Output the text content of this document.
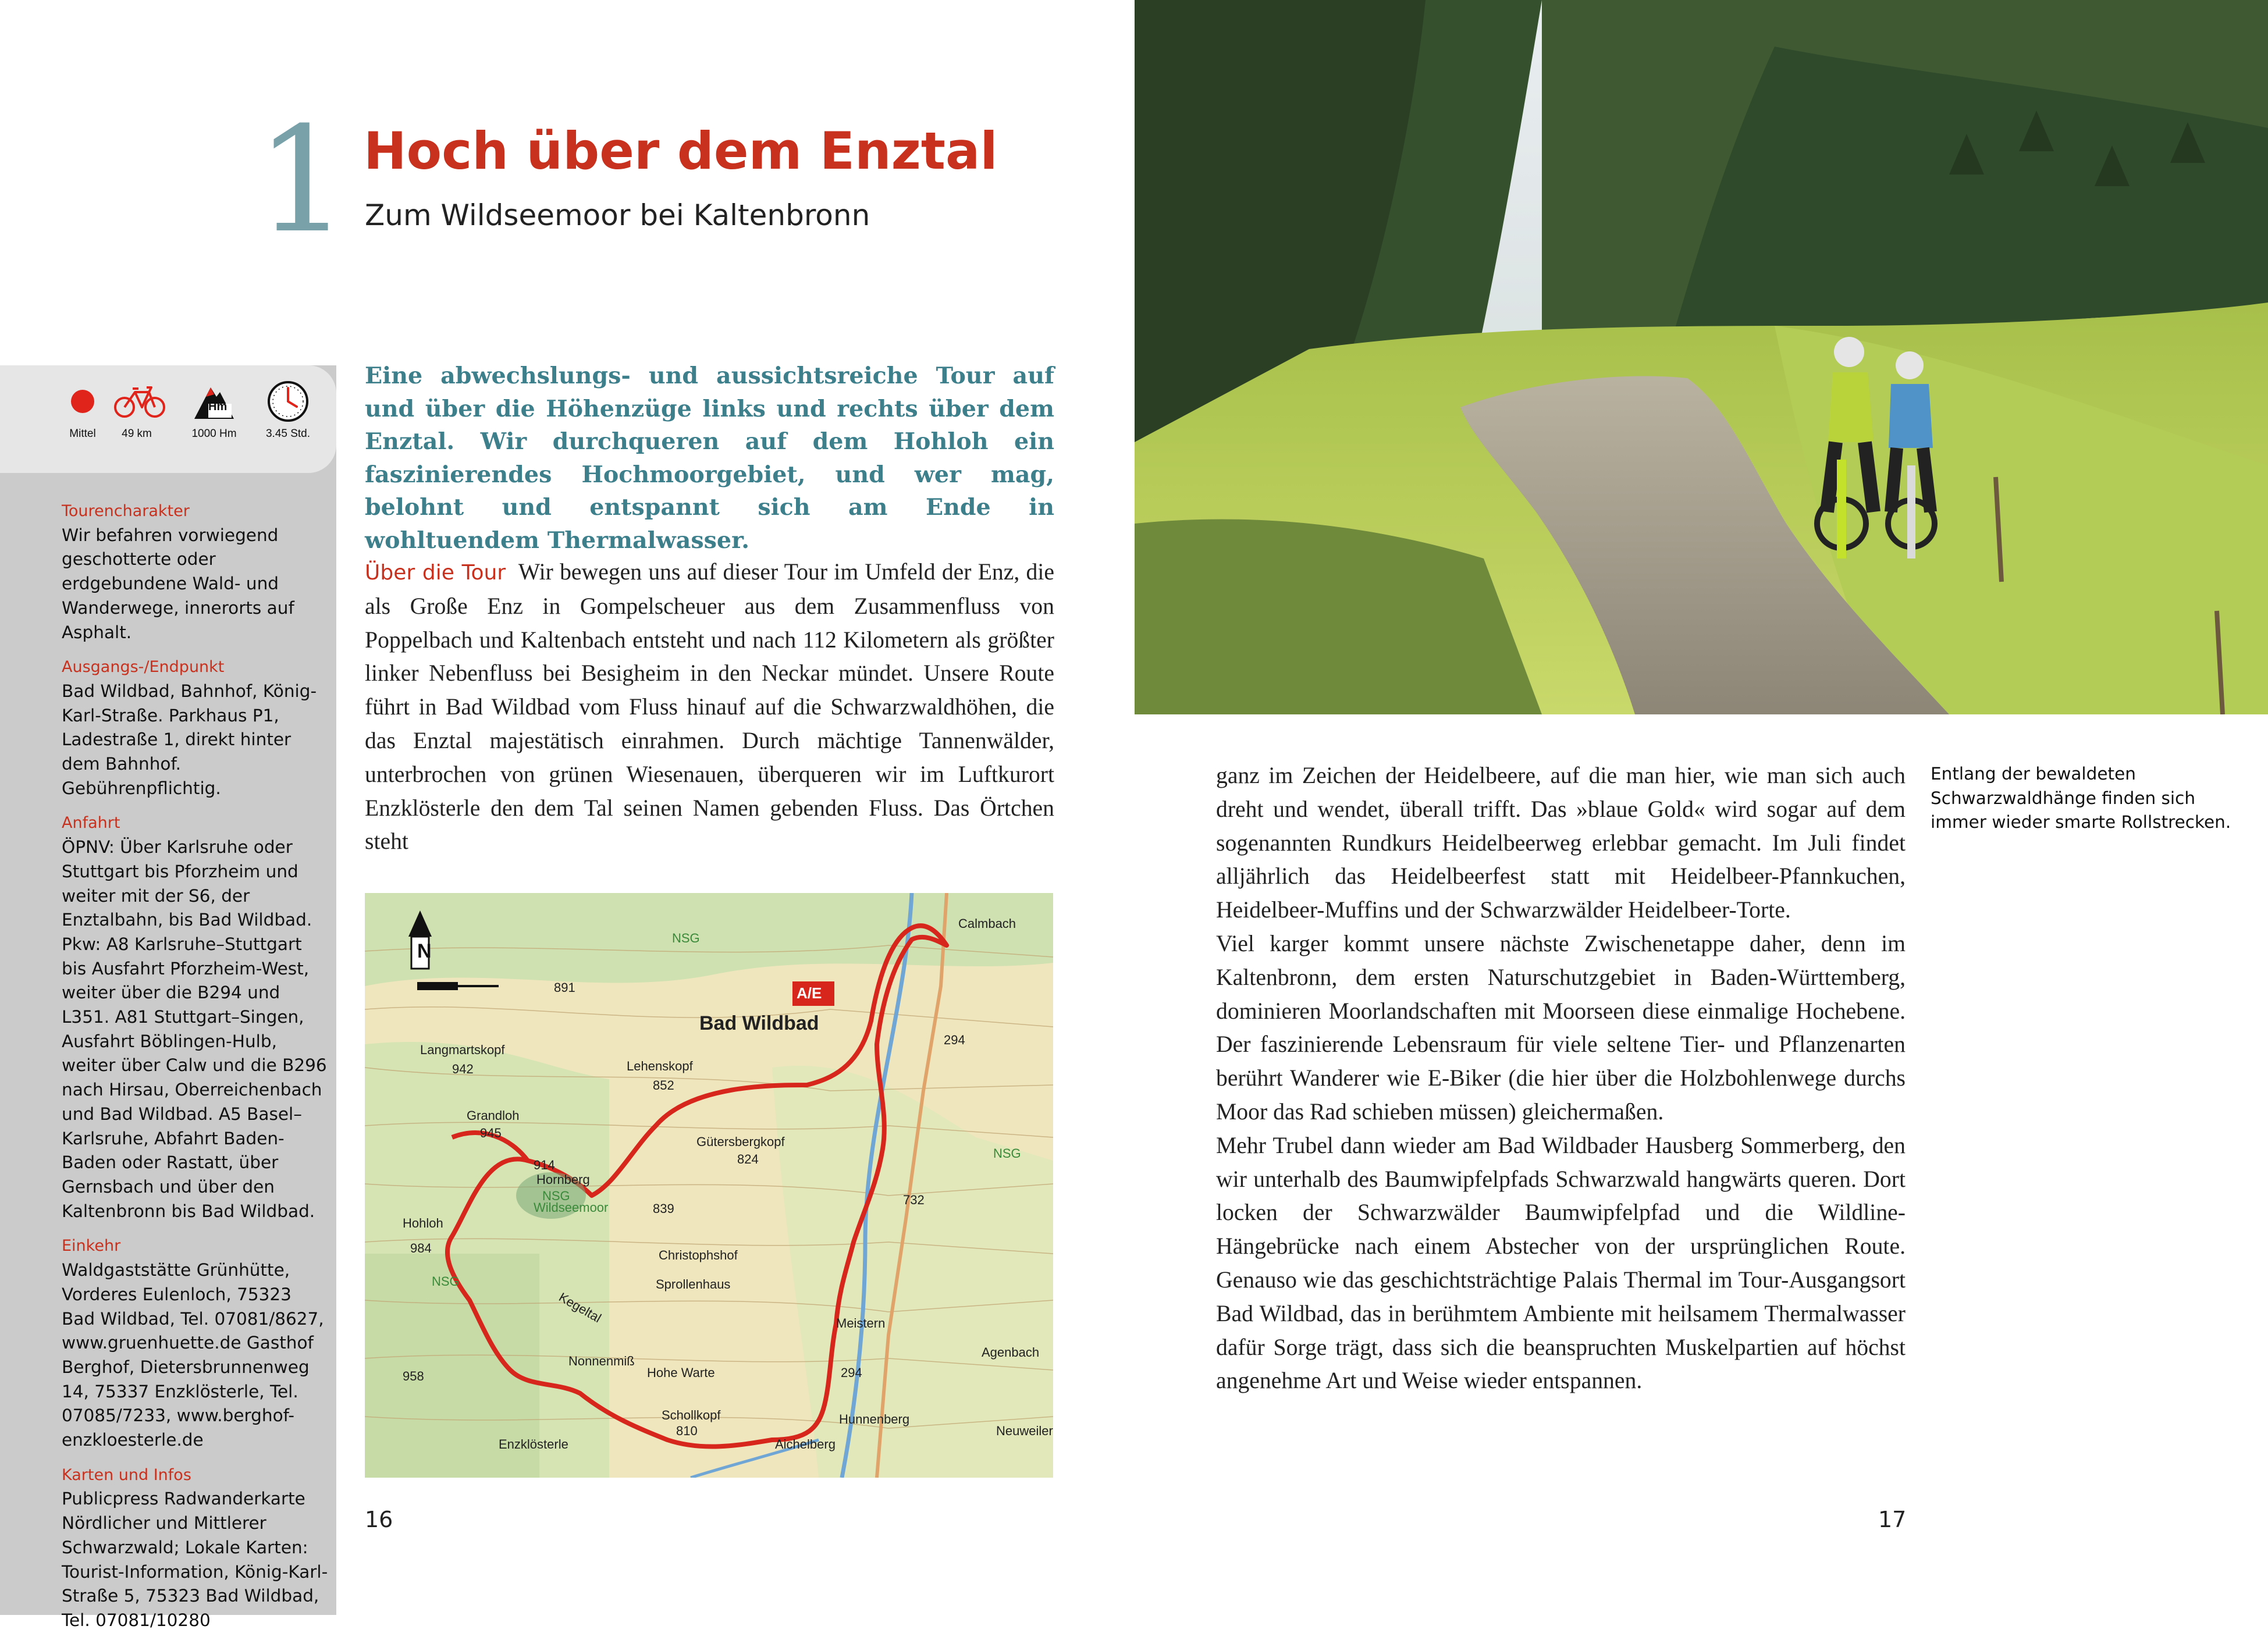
1 Hoch über dem Enztal
Zum Wildseemoor bei Kaltenbronn
Hm
Mittel	49 km	1000 Hm	3.45 Std.
Tourencharakter

Wir befahren vorwiegend geschotterte oder erdgebundene Wald- und Wanderwege, innerorts auf Asphalt.

Ausgangs-/Endpunkt

Bad Wildbad, Bahnhof, König-Karl-Straße. Parkhaus P1, Ladestraße 1, direkt hinter dem Bahnhof. Gebührenpflichtig.

Anfahrt

ÖPNV: Über Karlsruhe oder Stuttgart bis Pforzheim und weiter mit der S6, der Enztalbahn, bis Bad Wildbad. Pkw: A8 Karlsruhe–Stuttgart bis Ausfahrt Pforzheim-West, weiter über die B294 und L351. A81 Stuttgart–Singen, Ausfahrt Böblingen-Hulb, weiter über Calw und die B296 nach Hirsau, Oberreichenbach und Bad Wildbad. A5 Basel–Karlsruhe, Abfahrt Baden-Baden oder Rastatt, über Gernsbach und über den Kaltenbronn bis Bad Wildbad.

Einkehr

Waldgaststätte Grünhütte, Vorderes Eulenloch, 75323 Bad Wildbad, Tel. 07081/8627, www.gruenhuette.de Gasthof Berghof, Dietersbrunnenweg 14, 75337 Enzklösterle, Tel. 07085/7233, www.berghof-enzkloesterle.de

Karten und Infos

Publicpress Radwanderkarte Nördlicher und Mittlerer Schwarzwald; Lokale Karten: Tourist-Information, König-Karl-Straße 5, 75323 Bad Wildbad, Tel. 07081/10280

Eine abwechslungs- und aussichtsreiche Tour auf und über die Höhenzüge links und rechts über dem Enztal. Wir durchqueren auf dem Hohloh ein faszinierendes Hochmoorgebiet, und wer mag, belohnt und entspannt sich am Ende in wohltuendem Thermalwasser.

Über die Tour Wir bewegen uns auf dieser Tour im Umfeld der Enz, die als Große Enz in Gompelscheuer aus dem Zusammenfluss von Poppelbach und Kaltenbach entsteht und nach 112 Kilometern als größter linker Nebenfluss bei Besigheim in den Neckar mündet. Unsere Route führt in Bad Wildbad vom Fluss hinauf auf die Schwarzwaldhöhen, die das Enztal majestätisch einrahmen. Durch mächtige Tannenwälder, unterbrochen von grünen Wiesenauen, überqueren wir im Luftkurort Enzklösterle den dem Tal seinen Namen gebenden Fluss. Das Örtchen steht

ganz im Zeichen der Heidelbeere, auf die man hier, wie man sich auch dreht und wendet, überall trifft. Das »blaue Gold« wird sogar auf dem sogenannten Rundkurs Heidelbeerweg erlebbar gemacht. Im Juli findet alljährlich das Heidelbeerfest statt mit Heidelbeer-Pfannkuchen, Heidelbeer-Muffins und der Schwarzwälder Heidelbeer-Torte.

Viel karger kommt unsere nächste Zwischenetappe daher, denn im Kaltenbronn, dem ersten Naturschutzgebiet in Baden-Württemberg, dominieren Moorlandschaften mit Moorseen diese einmalige Hochebene. Der faszinierende Lebensraum für viele seltene Tier- und Pflanzenarten berührt Wanderer wie E-Biker (die hier über die Holzbohlenwege durchs Moor das Rad schieben müssen) gleichermaßen.

Mehr Trubel dann wieder am Bad Wildbader Hausberg Sommerberg, den wir unterhalb des Baumwipfelpfads Schwarzwald hangwärts queren. Dort locken der Schwarzwälder Baumwipfelpfad und die Wildline-Hängebrücke nach einem Abstecher von der ursprünglichen Route. Genauso wie das geschichtsträchtige Palais Thermal im Tour-Ausgangsort Bad Wildbad, das in berühmtem Ambiente mit heilsamem Thermalwasser dafür Sorge trägt, dass sich die beanspruchten Muskelpartien auf höchst angenehme Art und Weise wieder entspannen.

Entlang der bewaldeten Schwarzwaldhänge finden sich immer wieder smarte Rollstrecken.
16	17
N
A/E
Calmbach
Bad Wildbad
NSG
NSG
NSG
Langmartskopf
942
891
Lehenskopf
852
Grandloh
945
Gütersbergkopf
824
914
Hornberg
NSG
Wildseemoor	839
Hohloh
984	Christophshof
Sprollenhaus
732
Kegeltal	Meistern
Agenbach
Nonnenmiß
Hohe Warte
958
294
294
Hunnenberg
Schollkopf
810	Neuweiler
Enzklösterle	Aichelberg
